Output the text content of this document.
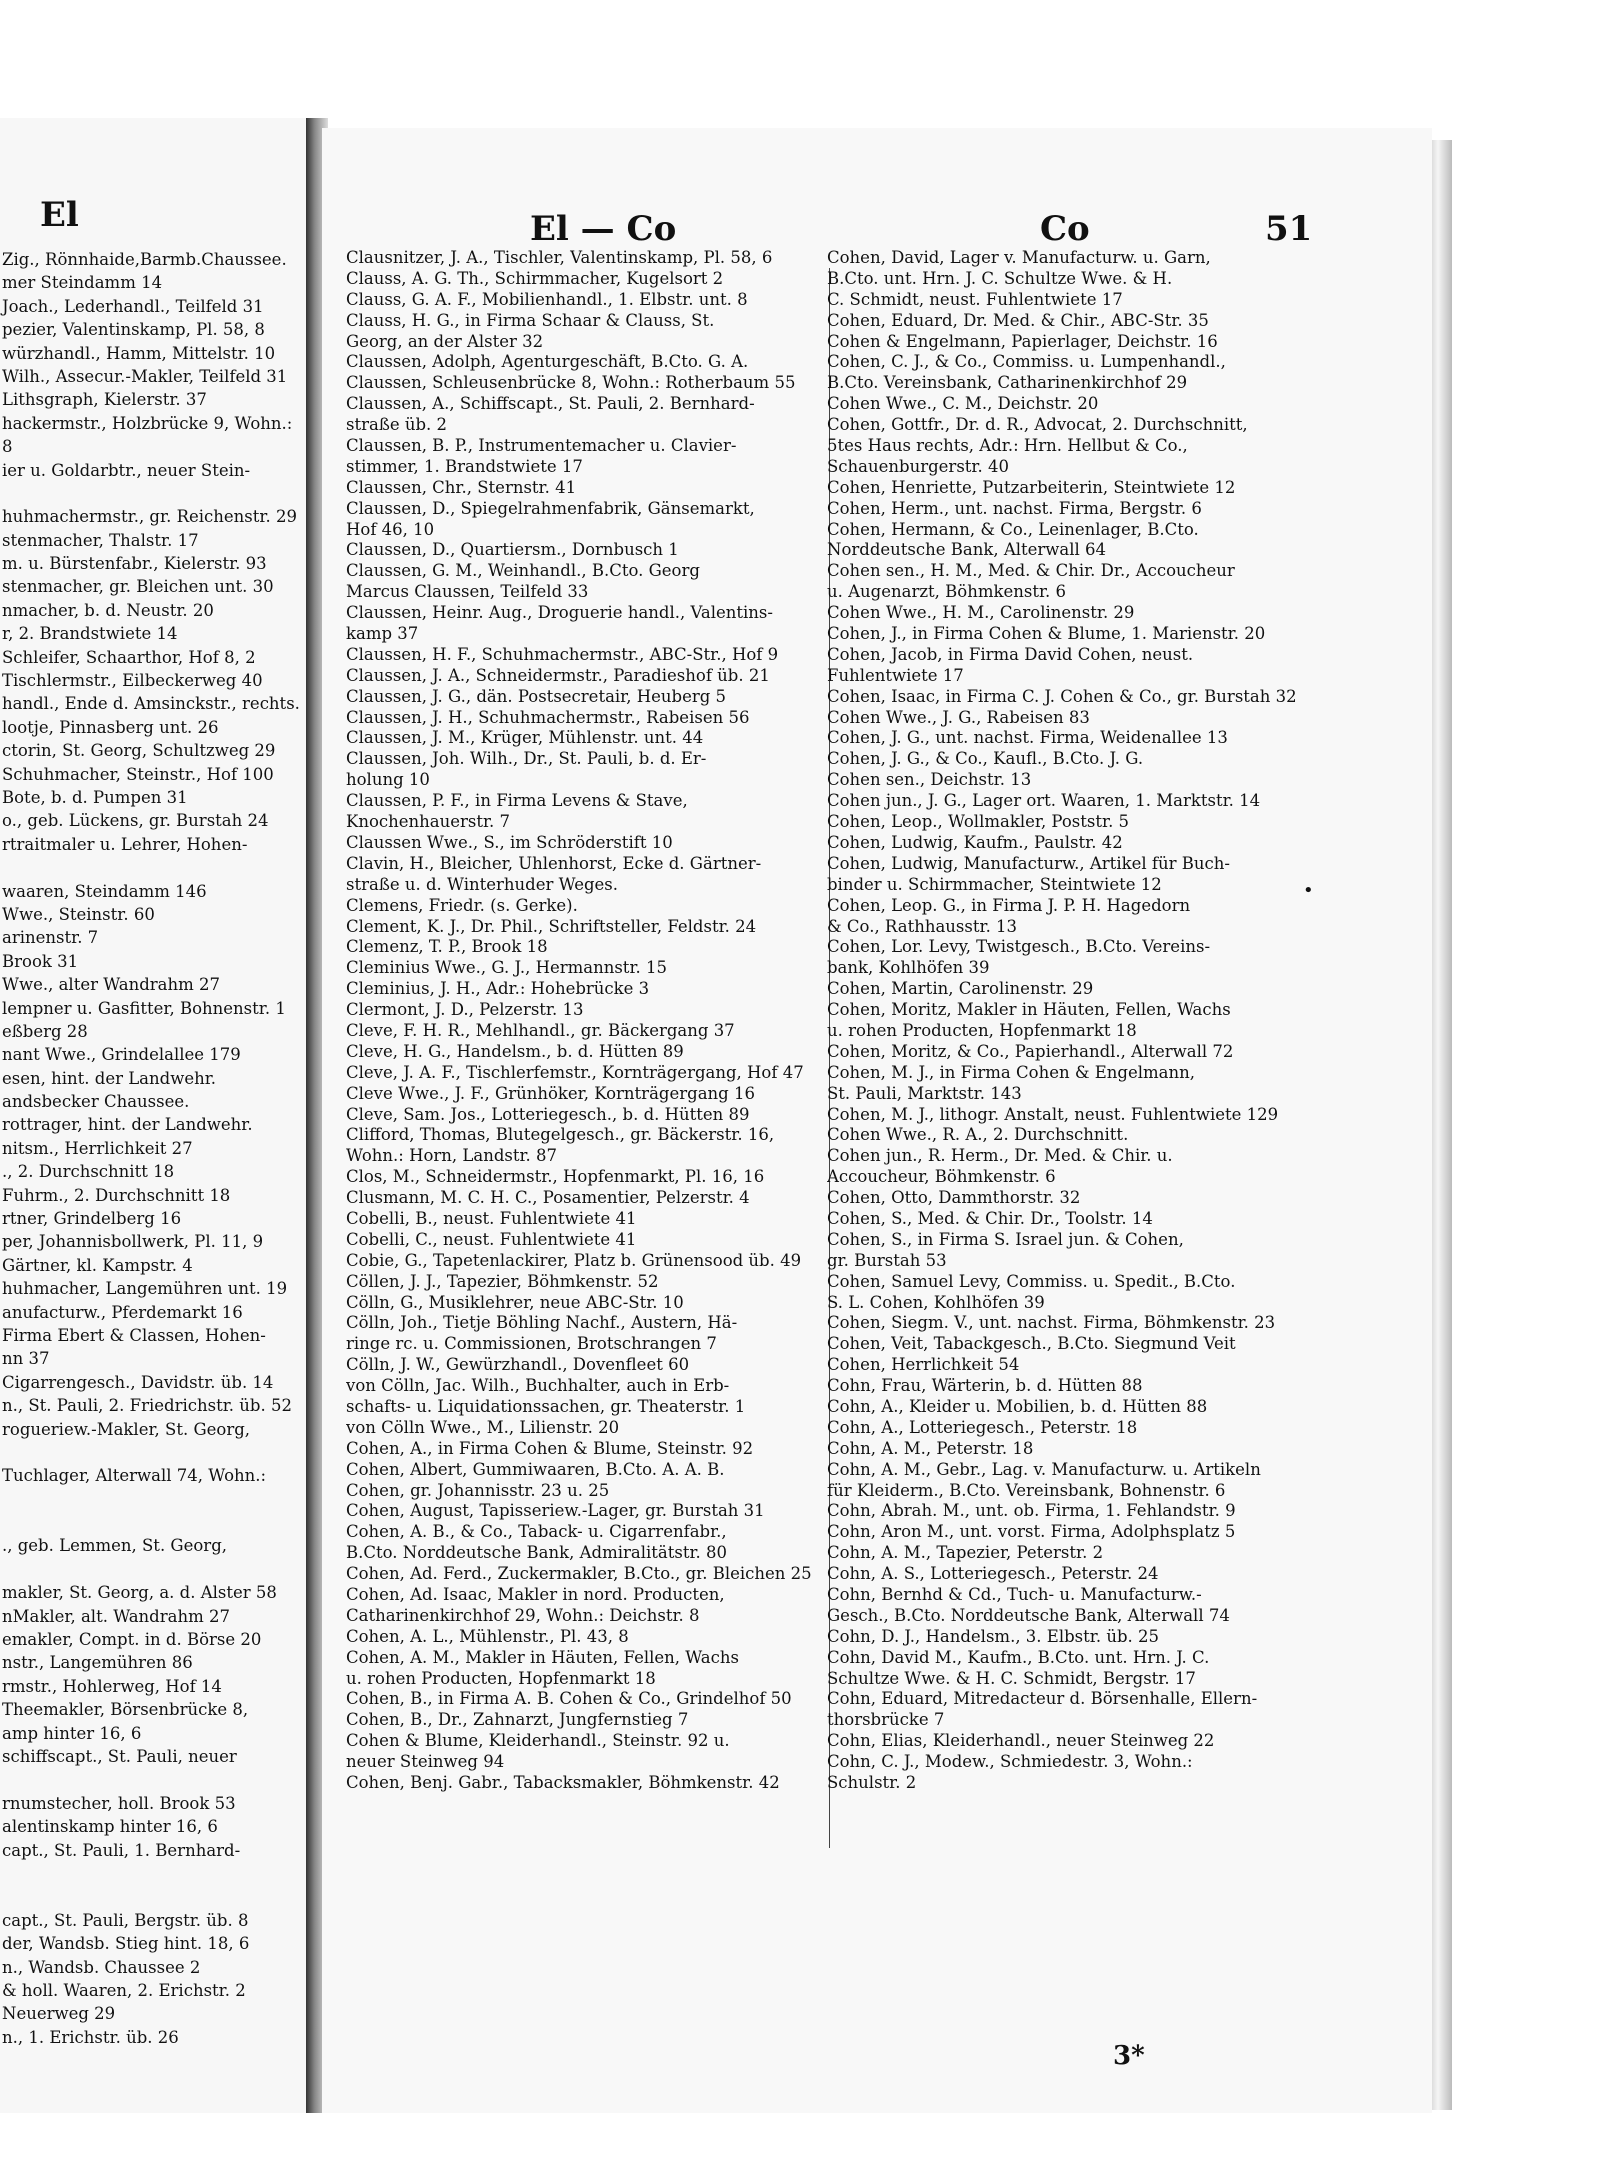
El	El — Co	Co	51
Zig., Rönnhaide,Barmb.Chaussee.
mer Steindamm 14
Joach., Lederhandl., Teilfeld 31
pezier, Valentinskamp, Pl. 58, 8
würzhandl., Hamm, Mittelstr. 10
Wilh., Assecur.-Makler, Teilfeld 31
Lithsgraph, Kielerstr. 37
hackermstr., Holzbrücke 9, Wohn.:
8
ier u. Goldarbtr., neuer Stein-
huhmachermstr., gr. Reichenstr. 29
stenmacher, Thalstr. 17
m. u. Bürstenfabr., Kielerstr. 93
stenmacher, gr. Bleichen unt. 30
nmacher, b. d. Neustr. 20
r, 2. Brandstwiete 14
Schleifer, Schaarthor, Hof 8, 2
Tischlermstr., Eilbeckerweg 40
handl., Ende d. Amsinckstr., rechts.
lootje, Pinnasberg unt. 26
ctorin, St. Georg, Schultzweg 29
Schuhmacher, Steinstr., Hof 100
Bote, b. d. Pumpen 31
o., geb. Lückens, gr. Burstah 24
rtraitmaler u. Lehrer, Hohen-
waaren, Steindamm 146
Wwe., Steinstr. 60
arinenstr. 7
Brook 31
Wwe., alter Wandrahm 27
lempner u. Gasfitter, Bohnenstr. 1
eßberg 28
nant Wwe., Grindelallee 179
esen, hint. der Landwehr.
andsbecker Chaussee.
rottrager, hint. der Landwehr.
nitsm., Herrlichkeit 27
., 2. Durchschnitt 18
Fuhrm., 2. Durchschnitt 18
rtner, Grindelberg 16
per, Johannisbollwerk, Pl. 11, 9
Gärtner, kl. Kampstr. 4
huhmacher, Langemühren unt. 19
anufacturw., Pferdemarkt 16
Firma Ebert & Classen, Hohen-
nn 37
Cigarrengesch., Davidstr. üb. 14
n., St. Pauli, 2. Friedrichstr. üb. 52
rogueriew.-Makler, St. Georg,
Tuchlager, Alterwall 74, Wohn.:
., geb. Lemmen, St. Georg,
makler, St. Georg, a. d. Alster 58
nMakler, alt. Wandrahm 27
emakler, Compt. in d. Börse 20
nstr., Langemühren 86
rmstr., Hohlerweg, Hof 14
Theemakler, Börsenbrücke 8,
amp hinter 16, 6
schiffscapt., St. Pauli, neuer
rnumstecher, holl. Brook 53
alentinskamp hinter 16, 6
capt., St. Pauli, 1. Bernhard-
capt., St. Pauli, Bergstr. üb. 8
der, Wandsb. Stieg hint. 18, 6
n., Wandsb. Chaussee 2
& holl. Waaren, 2. Erichstr. 2
Neuerweg 29
n., 1. Erichstr. üb. 26
Clausnitzer, J. A., Tischler, Valentinskamp, Pl. 58, 6
Clauss, A. G. Th., Schirmmacher, Kugelsort 2
Clauss, G. A. F., Mobilienhandl., 1. Elbstr. unt. 8
Clauss, H. G., in Firma Schaar & Clauss, St.
Georg, an der Alster 32
Claussen, Adolph, Agenturgeschäft, B.Cto. G. A.
Claussen, Schleusenbrücke 8, Wohn.: Rotherbaum 55
Claussen, A., Schiffscapt., St. Pauli, 2. Bernhard-
straße üb. 2
Claussen, B. P., Instrumentemacher u. Clavier-
stimmer, 1. Brandstwiete 17
Claussen, Chr., Sternstr. 41
Claussen, D., Spiegelrahmenfabrik, Gänsemarkt,
Hof 46, 10
Claussen, D., Quartiersm., Dornbusch 1
Claussen, G. M., Weinhandl., B.Cto. Georg
Marcus Claussen, Teilfeld 33
Claussen, Heinr. Aug., Droguerie handl., Valentins-
kamp 37
Claussen, H. F., Schuhmachermstr., ABC-Str., Hof 9
Claussen, J. A., Schneidermstr., Paradieshof üb. 21
Claussen, J. G., dän. Postsecretair, Heuberg 5
Claussen, J. H., Schuhmachermstr., Rabeisen 56
Claussen, J. M., Krüger, Mühlenstr. unt. 44
Claussen, Joh. Wilh., Dr., St. Pauli, b. d. Er-
holung 10
Claussen, P. F., in Firma Levens & Stave,
Knochenhauerstr. 7
Claussen Wwe., S., im Schröderstift 10
Clavin, H., Bleicher, Uhlenhorst, Ecke d. Gärtner-
straße u. d. Winterhuder Weges.
Clemens, Friedr. (s. Gerke).
Clement, K. J., Dr. Phil., Schriftsteller, Feldstr. 24
Clemenz, T. P., Brook 18
Cleminius Wwe., G. J., Hermannstr. 15
Cleminius, J. H., Adr.: Hohebrücke 3
Clermont, J. D., Pelzerstr. 13
Cleve, F. H. R., Mehlhandl., gr. Bäckergang 37
Cleve, H. G., Handelsm., b. d. Hütten 89
Cleve, J. A. F., Tischlerfemstr., Kornträgergang, Hof 47
Cleve Wwe., J. F., Grünhöker, Kornträgergang 16
Cleve, Sam. Jos., Lotteriegesch., b. d. Hütten 89
Clifford, Thomas, Blutegelgesch., gr. Bäckerstr. 16,
Wohn.: Horn, Landstr. 87
Clos, M., Schneidermstr., Hopfenmarkt, Pl. 16, 16
Clusmann, M. C. H. C., Posamentier, Pelzerstr. 4
Cobelli, B., neust. Fuhlentwiete 41
Cobelli, C., neust. Fuhlentwiete 41
Cobie, G., Tapetenlackirer, Platz b. Grünensood üb. 49
Cöllen, J. J., Tapezier, Böhmkenstr. 52
Cölln, G., Musiklehrer, neue ABC-Str. 10
Cölln, Joh., Tietje Böhling Nachf., Austern, Hä-
ringe rc. u. Commissionen, Brotschrangen 7
Cölln, J. W., Gewürzhandl., Dovenfleet 60
von Cölln, Jac. Wilh., Buchhalter, auch in Erb-
schafts- u. Liquidationssachen, gr. Theaterstr. 1
von Cölln Wwe., M., Lilienstr. 20
Cohen, A., in Firma Cohen & Blume, Steinstr. 92
Cohen, Albert, Gummiwaaren, B.Cto. A. A. B.
Cohen, gr. Johannisstr. 23 u. 25
Cohen, August, Tapisseriew.-Lager, gr. Burstah 31
Cohen, A. B., & Co., Taback- u. Cigarrenfabr.,
B.Cto. Norddeutsche Bank, Admiralitätstr. 80
Cohen, Ad. Ferd., Zuckermakler, B.Cto., gr. Bleichen 25
Cohen, Ad. Isaac, Makler in nord. Producten,
Catharinenkirchhof 29, Wohn.: Deichstr. 8
Cohen, A. L., Mühlenstr., Pl. 43, 8
Cohen, A. M., Makler in Häuten, Fellen, Wachs
u. rohen Producten, Hopfenmarkt 18
Cohen, B., in Firma A. B. Cohen & Co., Grindelhof 50
Cohen, B., Dr., Zahnarzt, Jungfernstieg 7
Cohen & Blume, Kleiderhandl., Steinstr. 92 u.
neuer Steinweg 94
Cohen, Benj. Gabr., Tabacksmakler, Böhmkenstr. 42
Cohen, David, Lager v. Manufacturw. u. Garn,
B.Cto. unt. Hrn. J. C. Schultze Wwe. & H.
C. Schmidt, neust. Fuhlentwiete 17
Cohen, Eduard, Dr. Med. & Chir., ABC-Str. 35
Cohen & Engelmann, Papierlager, Deichstr. 16
Cohen, C. J., & Co., Commiss. u. Lumpenhandl.,
B.Cto. Vereinsbank, Catharinenkirchhof 29
Cohen Wwe., C. M., Deichstr. 20
Cohen, Gottfr., Dr. d. R., Advocat, 2. Durchschnitt,
5tes Haus rechts, Adr.: Hrn. Hellbut & Co.,
Schauenburgerstr. 40
Cohen, Henriette, Putzarbeiterin, Steintwiete 12
Cohen, Herm., unt. nachst. Firma, Bergstr. 6
Cohen, Hermann, & Co., Leinenlager, B.Cto.
Norddeutsche Bank, Alterwall 64
Cohen sen., H. M., Med. & Chir. Dr., Accoucheur
u. Augenarzt, Böhmkenstr. 6
Cohen Wwe., H. M., Carolinenstr. 29
Cohen, J., in Firma Cohen & Blume, 1. Marienstr. 20
Cohen, Jacob, in Firma David Cohen, neust.
Fuhlentwiete 17
Cohen, Isaac, in Firma C. J. Cohen & Co., gr. Burstah 32
Cohen Wwe., J. G., Rabeisen 83
Cohen, J. G., unt. nachst. Firma, Weidenallee 13
Cohen, J. G., & Co., Kaufl., B.Cto. J. G.
Cohen sen., Deichstr. 13
Cohen jun., J. G., Lager ort. Waaren, 1. Marktstr. 14
Cohen, Leop., Wollmakler, Poststr. 5
Cohen, Ludwig, Kaufm., Paulstr. 42
Cohen, Ludwig, Manufacturw., Artikel für Buch-
binder u. Schirmmacher, Steintwiete 12
Cohen, Leop. G., in Firma J. P. H. Hagedorn
& Co., Rathhausstr. 13
Cohen, Lor. Levy, Twistgesch., B.Cto. Vereins-
bank, Kohlhöfen 39
Cohen, Martin, Carolinenstr. 29
Cohen, Moritz, Makler in Häuten, Fellen, Wachs
u. rohen Producten, Hopfenmarkt 18
Cohen, Moritz, & Co., Papierhandl., Alterwall 72
Cohen, M. J., in Firma Cohen & Engelmann,
St. Pauli, Marktstr. 143
Cohen, M. J., lithogr. Anstalt, neust. Fuhlentwiete 129
Cohen Wwe., R. A., 2. Durchschnitt.
Cohen jun., R. Herm., Dr. Med. & Chir. u.
Accoucheur, Böhmkenstr. 6
Cohen, Otto, Dammthorstr. 32
Cohen, S., Med. & Chir. Dr., Toolstr. 14
Cohen, S., in Firma S. Israel jun. & Cohen,
gr. Burstah 53
Cohen, Samuel Levy, Commiss. u. Spedit., B.Cto.
S. L. Cohen, Kohlhöfen 39
Cohen, Siegm. V., unt. nachst. Firma, Böhmkenstr. 23
Cohen, Veit, Tabackgesch., B.Cto. Siegmund Veit
Cohen, Herrlichkeit 54
Cohn, Frau, Wärterin, b. d. Hütten 88
Cohn, A., Kleider u. Mobilien, b. d. Hütten 88
Cohn, A., Lotteriegesch., Peterstr. 18
Cohn, A. M., Peterstr. 18
Cohn, A. M., Gebr., Lag. v. Manufacturw. u. Artikeln
für Kleiderm., B.Cto. Vereinsbank, Bohnenstr. 6
Cohn, Abrah. M., unt. ob. Firma, 1. Fehlandstr. 9
Cohn, Aron M., unt. vorst. Firma, Adolphsplatz 5
Cohn, A. M., Tapezier, Peterstr. 2
Cohn, A. S., Lotteriegesch., Peterstr. 24
Cohn, Bernhd & Cd., Tuch- u. Manufacturw.-
Gesch., B.Cto. Norddeutsche Bank, Alterwall 74
Cohn, D. J., Handelsm., 3. Elbstr. üb. 25
Cohn, David M., Kaufm., B.Cto. unt. Hrn. J. C.
Schultze Wwe. & H. C. Schmidt, Bergstr. 17
Cohn, Eduard, Mitredacteur d. Börsenhalle, Ellern-
thorsbrücke 7
Cohn, Elias, Kleiderhandl., neuer Steinweg 22
Cohn, C. J., Modew., Schmiedestr. 3, Wohn.:
Schulstr. 2
•
3*
